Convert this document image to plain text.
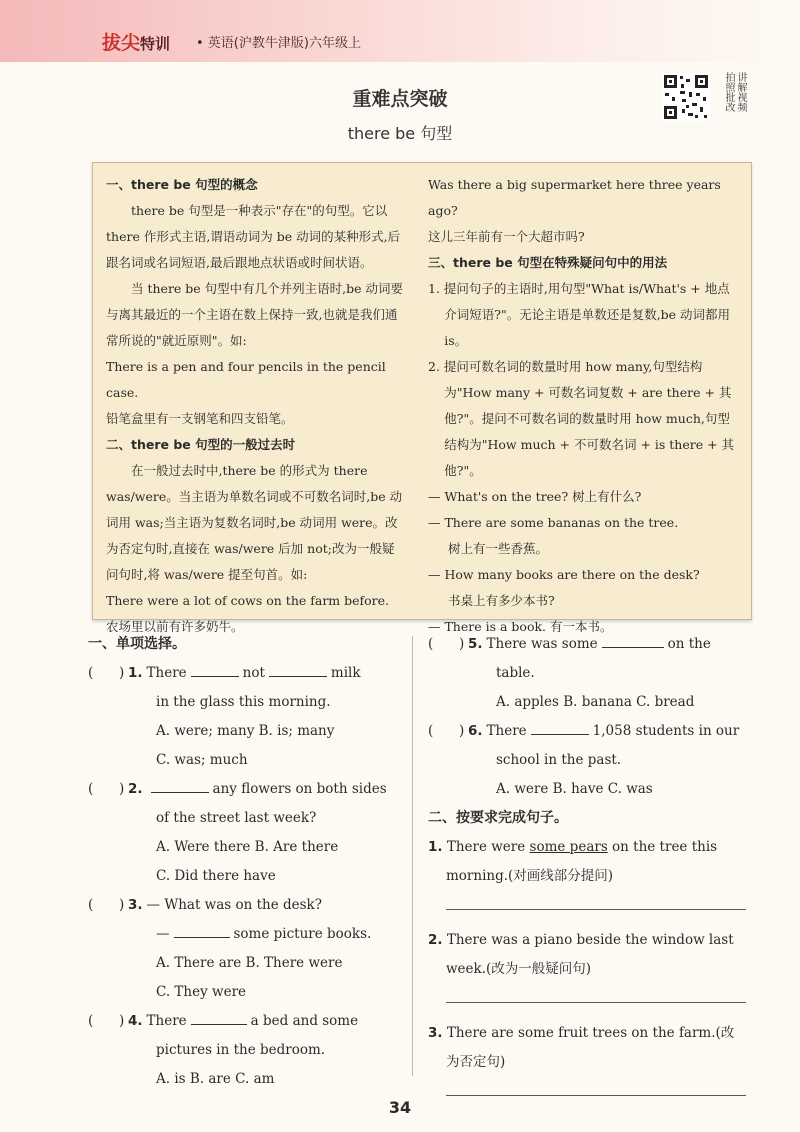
拔尖特训 • 英语(沪教牛津版)六年级上
重难点突破
there be 句型
讲解视频 拍照批改

一、there be 句型的概念

there be 句型是一种表示"存在"的句型。它以 there 作形式主语,谓语动词为 be 动词的某种形式,后跟名词或名词短语,最后跟地点状语或时间状语。

当 there be 句型中有几个并列主语时,be 动词要与离其最近的一个主语在数上保持一致,也就是我们通常所说的"就近原则"。如:

There is a pen and four pencils in the pencil case.

铅笔盒里有一支钢笔和四支铅笔。

二、there be 句型的一般过去时

在一般过去时中,there be 的形式为 there was/were。当主语为单数名词或不可数名词时,be 动词用 was;当主语为复数名词时,be 动词用 were。改为否定句时,直接在 was/were 后加 not;改为一般疑问句时,将 was/were 提至句首。如:

There were a lot of cows on the farm before.

农场里以前有许多奶牛。

Was there a big supermarket here three years ago?

这儿三年前有一个大超市吗?

三、there be 句型在特殊疑问句中的用法

1. 提问句子的主语时,用句型"What is/What's + 地点介词短语?"。无论主语是单数还是复数,be 动词都用 is。

2. 提问可数名词的数量时用 how many,句型结构为"How many + 可数名词复数 + are there + 其他?"。提问不可数名词的数量时用 how much,句型结构为"How much + 不可数名词 + is there + 其他?"。

— What's on the tree? 树上有什么?

— There are some bananas on the tree.

树上有一些香蕉。

— How many books are there on the desk?

书桌上有多少本书?

— There is a book. 有一本书。

一、单项选择。

(      ) 1. There	not	milk

in the glass this morning.

A. were; many B. is; many

C. was; much

(      ) 2.	any flowers on both sides

of the street last week?

A. Were there B. Are there

C. Did there have

(      ) 3. — What was on the desk?

—	some picture books.

A. There are B. There were

C. They were

(      ) 4. There	a bed and some

pictures in the bedroom.

A. is B. are C. am

(      ) 5. There was some	on the

table.

A. apples B. banana C. bread

(      ) 6. There	1,058 students in our

school in the past.

A. were B. have C. was

二、按要求完成句子。

1. There were some pears on the tree this

morning.(对画线部分提问)

2. There was a piano beside the window last

week.(改为一般疑问句)

3. There are some fruit trees on the farm.(改

为否定句)

34
